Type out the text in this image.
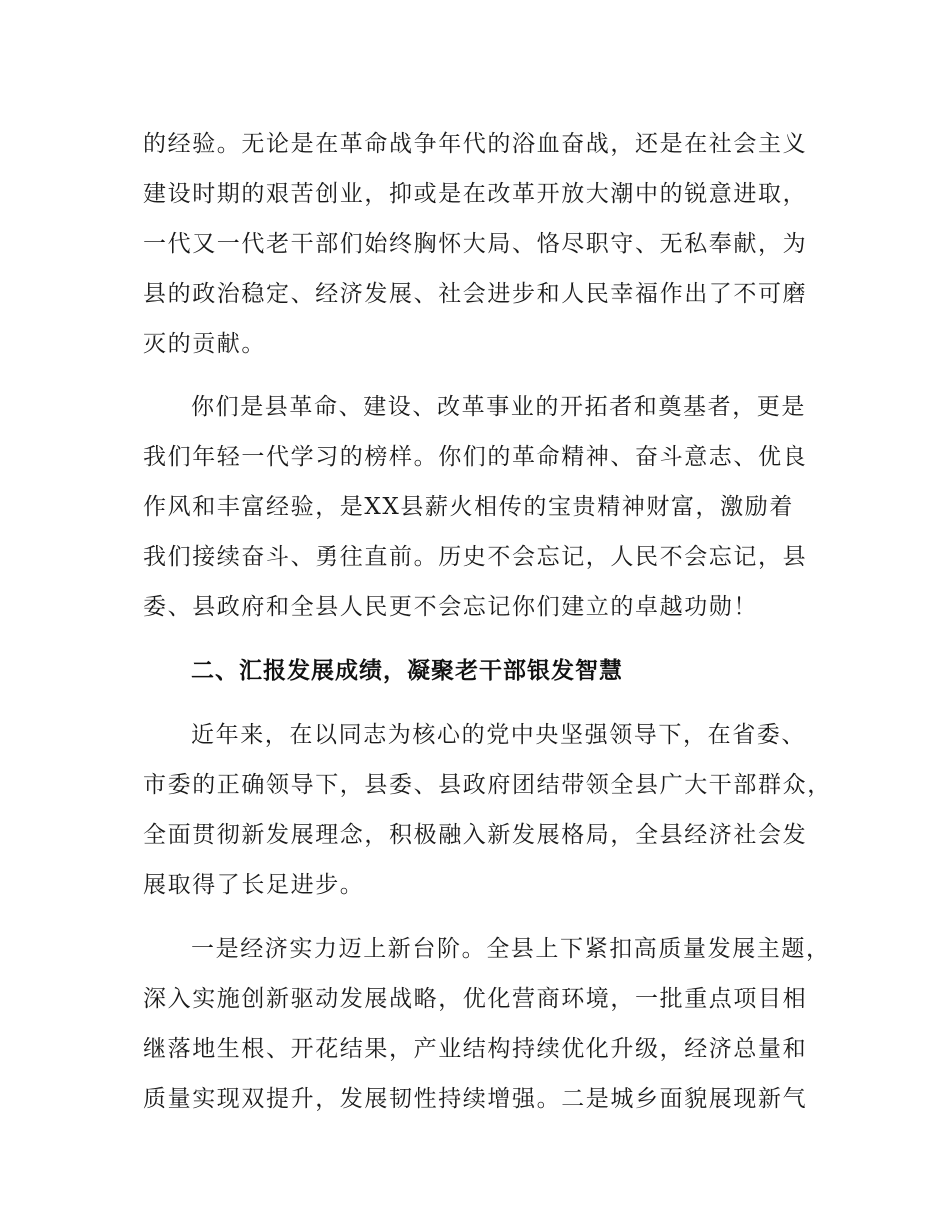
的经验。无论是在革命战争年代的浴血奋战，还是在社会主义
建设时期的艰苦创业，抑或是在改革开放大潮中的锐意进取，
一代又一代老干部们始终胸怀大局、恪尽职守、无私奉献，为
县的政治稳定、经济发展、社会进步和人民幸福作出了不可磨
灭的贡献。
你们是县革命、建设、改革事业的开拓者和奠基者，更是
我们年轻一代学习的榜样。你们的革命精神、奋斗意志、优良
作风和丰富经验，是XX县薪火相传的宝贵精神财富，激励着
我们接续奋斗、勇往直前。历史不会忘记，人民不会忘记，县
委、县政府和全县人民更不会忘记你们建立的卓越功勋！
二、汇报发展成绩，凝聚老干部银发智慧
近年来，在以同志为核心的党中央坚强领导下，在省委、
市委的正确领导下，县委、县政府团结带领全县广大干部群众，
全面贯彻新发展理念，积极融入新发展格局，全县经济社会发
展取得了长足进步。
一是经济实力迈上新台阶。全县上下紧扣高质量发展主题，
深入实施创新驱动发展战略，优化营商环境，一批重点项目相
继落地生根、开花结果，产业结构持续优化升级，经济总量和
质量实现双提升，发展韧性持续增强。二是城乡面貌展现新气
